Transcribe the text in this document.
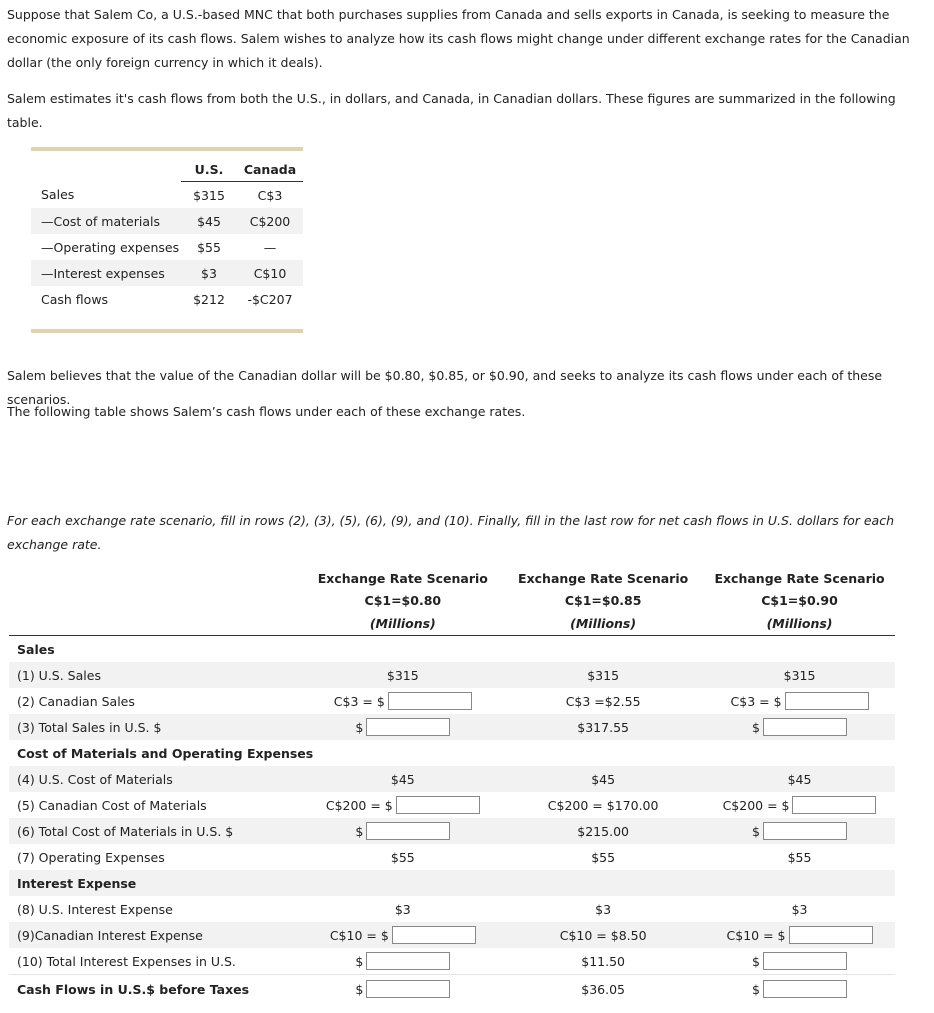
Suppose that Salem Co, a U.S.-based MNC that both purchases supplies from Canada and sells exports in Canada, is seeking to measure the economic exposure of its cash flows. Salem wishes to analyze how its cash flows might change under different exchange rates for the Canadian dollar (the only foreign currency in which it deals).

Salem estimates it's cash flows from both the U.S., in dollars, and Canada, in Canadian dollars. These figures are summarized in the following table.

	U.S.	Canada
Sales	$315	C$3
—Cost of materials	$45	C$200
—Operating expenses	$55	—
—Interest expenses	$3	C$10
Cash flows	$212	-$C207

Salem believes that the value of the Canadian dollar will be $0.80, $0.85, or $0.90, and seeks to analyze its cash flows under each of these scenarios.

The following table shows Salem’s cash flows under each of these exchange rates.

For each exchange rate scenario, fill in rows (2), (3), (5), (6), (9), and (10). Finally, fill in the last row for net cash flows in U.S. dollars for each exchange rate.

	Exchange Rate Scenario	Exchange Rate Scenario	Exchange Rate Scenario
	C$1=$0.80	C$1=$0.85	C$1=$0.90
	(Millions)	(Millions)	(Millions)
Sales			
(1) U.S. Sales	$315	$315	$315
(2) Canadian Sales	C$3 = $	C$3 =$2.55	C$3 = $

(3) Total Sales in U.S. $	$	$317.55	$

Cost of Materials and Operating Expenses			
(4) U.S. Cost of Materials	$45	$45	$45
(5) Canadian Cost of Materials	C$200 = $	C$200 = $170.00	C$200 = $

(6) Total Cost of Materials in U.S. $	$	$215.00	$

(7) Operating Expenses	$55	$55	$55
Interest Expense			
(8) U.S. Interest Expense	$3	$3	$3
(9)Canadian Interest Expense	C$10 = $	C$10 = $8.50	C$10 = $

(10) Total Interest Expenses in U.S.	$	$11.50	$

Cash Flows in U.S.$ before Taxes	$	$36.05	$
